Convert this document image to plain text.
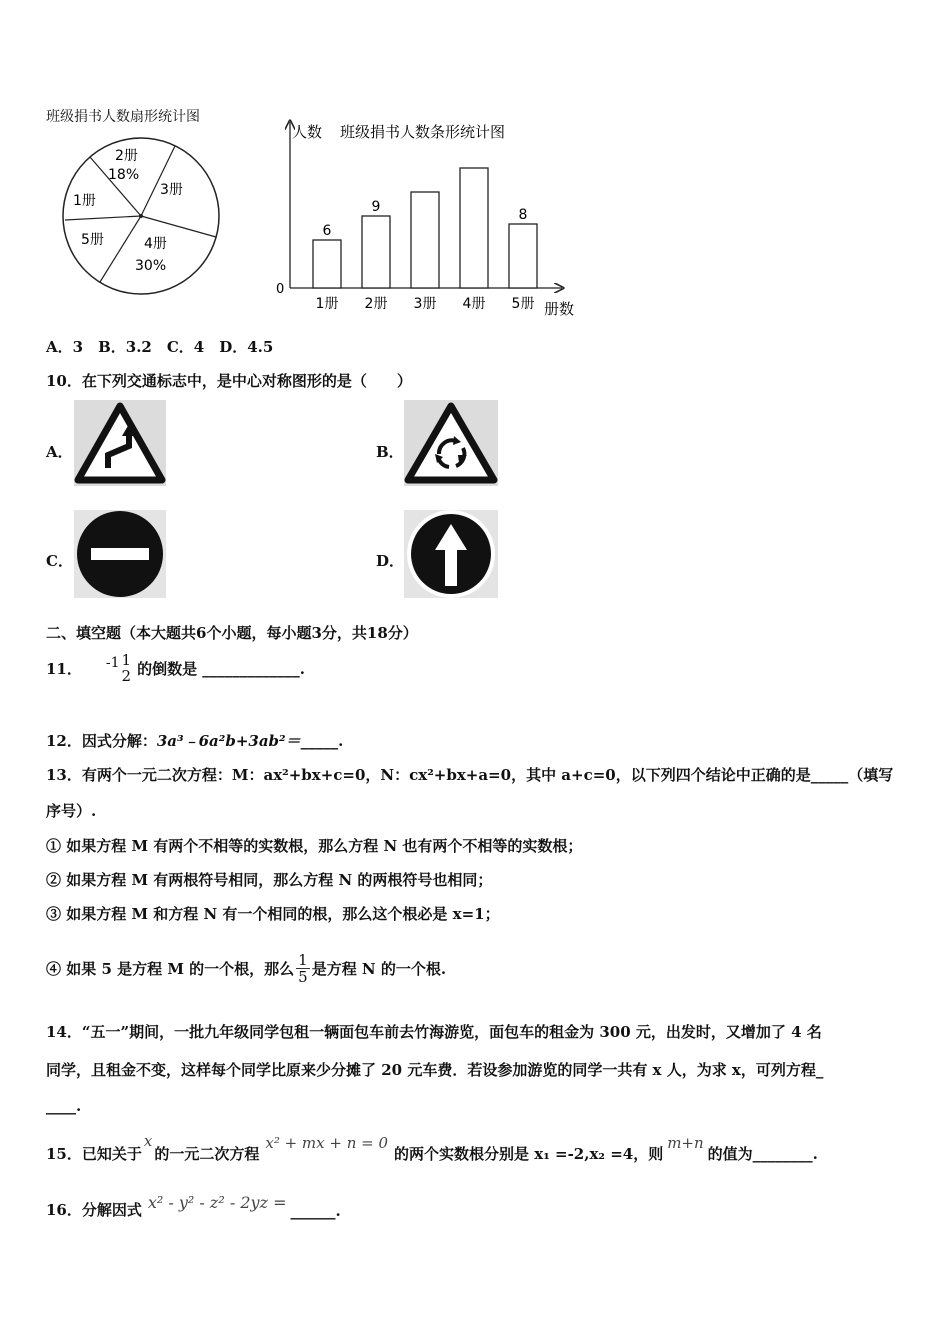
班级捐书人数扇形统计图
2册
18%
3册
1册
5册	4册
30%
人数 班级捐书人数条形统计图
0
册数
1册
6
2册
9
3册 4册 5册
8
A．3　B．3.2　C．4　D．4.5
10．在下列交通标志中，是中心对称图形的是（　　）
A．	B．
C．	D．
二、填空题（本大题共6个小题，每小题3分，共18分）
11． -1 1
2 的倒数是 _____________.
12．因式分解：3a³﹣6a²b+3ab²＝_____.
13．有两个一元二次方程：M：ax²+bx+c=0，N：cx²+bx+a=0，其中 a+c=0，以下列四个结论中正确的是_____（填写
序号）.
① 如果方程 M 有两个不相等的实数根，那么方程 N 也有两个不相等的实数根；
② 如果方程 M 有两根符号相同，那么方程 N 的两根符号也相同；
③ 如果方程 M 和方程 N 有一个相同的根，那么这个根必是 x=1；
④ 如果 5 是方程 M 的一个根，那么 $\frac{1}{5}$ 是方程 N 的一个根.
14．“五一”期间，一批九年级同学包租一辆面包车前去竹海游览，面包车的租金为 300 元，出发时，又增加了 4 名
同学，且租金不变，这样每个同学比原来少分摊了 20 元车费．若设参加游览的同学一共有 x 人，为求 x，可列方程_
____.
15．已知关于
x
的一元二次方程
x² + mx + n = 0
的两个实数根分别是 x₁ =-2,x₂ =4，则
m+n
的值为________.
16．分解因式 x² - y² - z² - 2yz = ______.
